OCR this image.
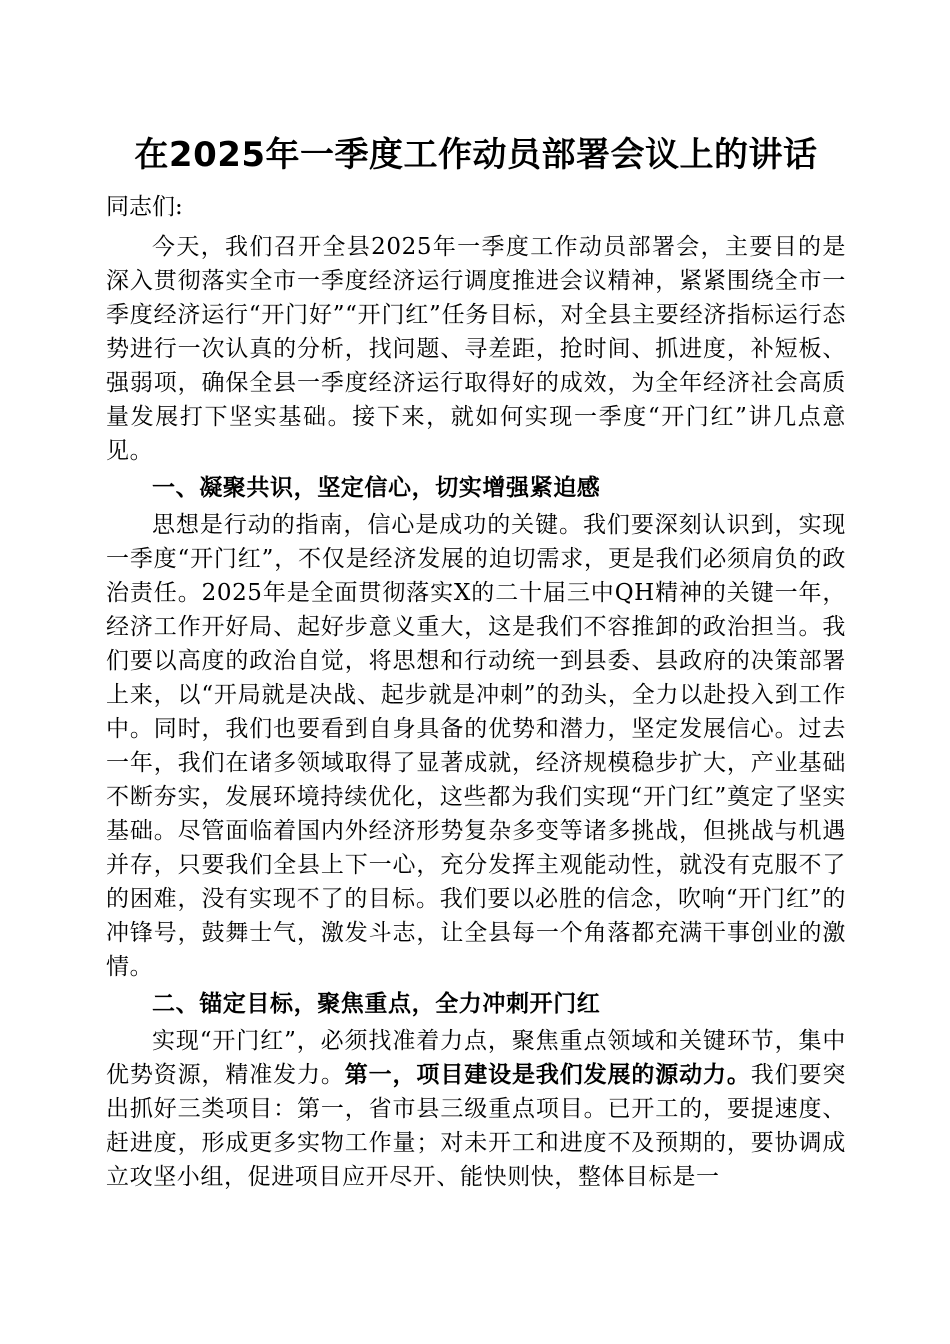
在2025年一季度工作动员部署会议上的讲话

同志们:

今天，我们召开全县2025年一季度工作动员部署会，主要目的是深入贯彻落实全市一季度经济运行调度推进会议精神，紧紧围绕全市一季度经济运行“开门好”“开门红”任务目标，对全县主要经济指标运行态势进行一次认真的分析，找问题、寻差距，抢时间、抓进度，补短板、强弱项，确保全县一季度经济运行取得好的成效，为全年经济社会高质量发展打下坚实基础。接下来，就如何实现一季度“开门红”讲几点意见。

一、凝聚共识，坚定信心，切实增强紧迫感

思想是行动的指南，信心是成功的关键。我们要深刻认识到，实现一季度“开门红”，不仅是经济发展的迫切需求，更是我们必须肩负的政治责任。2025年是全面贯彻落实X的二十届三中QH精神的关键一年，经济工作开好局、起好步意义重大，这是我们不容推卸的政治担当。我们要以高度的政治自觉，将思想和行动统一到县委、县政府的决策部署上来，以“开局就是决战、起步就是冲刺”的劲头，全力以赴投入到工作中。同时，我们也要看到自身具备的优势和潜力，坚定发展信心。过去一年，我们在诸多领域取得了显著成就，经济规模稳步扩大，产业基础不断夯实，发展环境持续优化，这些都为我们实现“开门红”奠定了坚实基础。尽管面临着国内外经济形势复杂多变等诸多挑战，但挑战与机遇并存，只要我们全县上下一心，充分发挥主观能动性，就没有克服不了的困难，没有实现不了的目标。我们要以必胜的信念，吹响“开门红”的冲锋号，鼓舞士气，激发斗志，让全县每一个角落都充满干事创业的激情。

二、锚定目标，聚焦重点，全力冲刺开门红

实现“开门红”，必须找准着力点，聚焦重点领域和关键环节，集中优势资源，精准发力。第一，项目建设是我们发展的源动力。我们要突出抓好三类项目：第一，省市县三级重点项目。已开工的，要提速度、赶进度，形成更多实物工作量；对未开工和进度不及预期的，要协调成立攻坚小组，促进项目应开尽开、能快则快，整体目标是一
